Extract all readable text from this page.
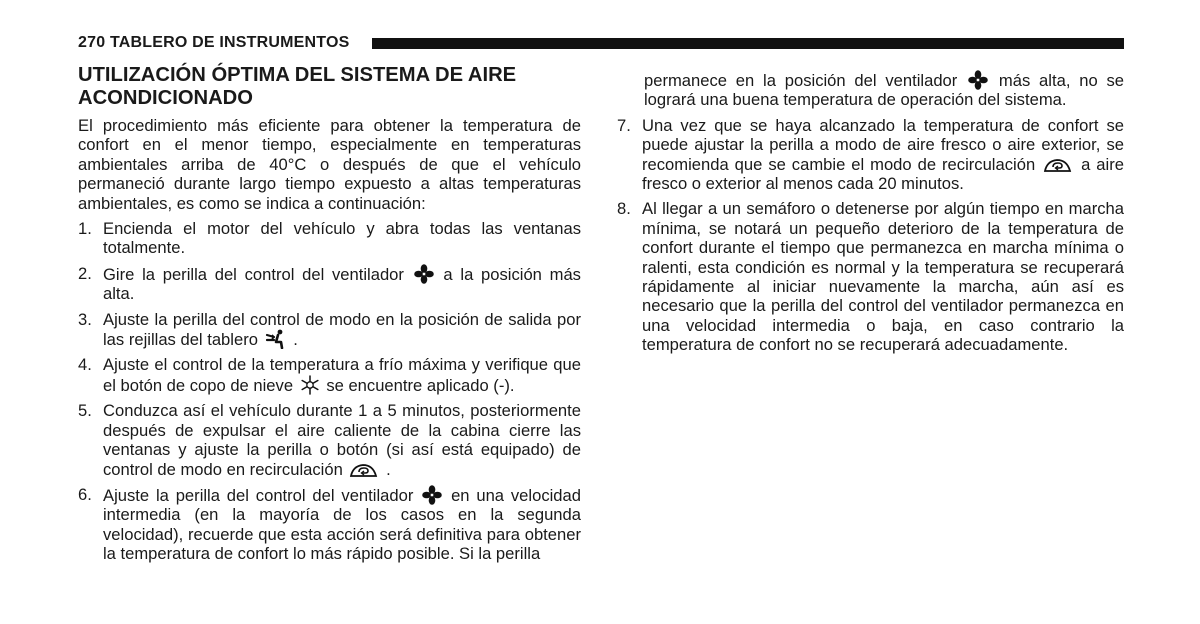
270 TABLERO DE INSTRUMENTOS
UTILIZACIÓN ÓPTIMA DEL SISTEMA DE AIRE ACONDICIONADO

El procedimiento más eficiente para obtener la temperatura de confort en el menor tiempo, especialmente en temperaturas ambientales arriba de 40°C o después de que el vehículo permaneció durante largo tiempo expuesto a altas temperaturas ambientales, es como se indica a continuación:

1. Encienda el motor del vehículo y abra todas las ventanas totalmente.
2. Gire la perilla del control del ventilador a la posición más alta.
3. Ajuste la perilla del control de modo en la posición de salida por las rejillas del tablero .
4. Ajuste el control de la temperatura a frío máxima y verifique que el botón de copo de nieve se encuentre aplicado (-).
5. Conduzca así el vehículo durante 1 a 5 minutos, posteriormente después de expulsar el aire caliente de la cabina cierre las ventanas y ajuste la perilla o botón (si así está equipado) de control de modo en recirculación	.
6. Ajuste la perilla del control del ventilador en una velocidad intermedia (en la mayoría de los casos en la segunda velocidad), recuerde que esta acción será definitiva para obtener la temperatura de confort lo más rápido posible. Si la perilla
permanece en la posición del ventilador	más alta, no se logrará una buena temperatura de operación del sistema.
7. Una vez que se haya alcanzado la temperatura de confort se puede ajustar la perilla a modo de aire fresco o aire exterior, se recomienda que se cambie el modo de recirculación	a aire fresco o exterior al menos cada 20 minutos.
8. Al llegar a un semáforo o detenerse por algún tiempo en marcha mínima, se notará un pequeño deterioro de la temperatura de confort durante el tiempo que permanezca en marcha mínima o ralenti, esta condición es normal y la temperatura se recuperará rápidamente al iniciar nuevamente la marcha, aún así es necesario que la perilla del control del ventilador permanezca en una velocidad intermedia o baja, en caso contrario la temperatura de confort no se recuperará adecuadamente.
